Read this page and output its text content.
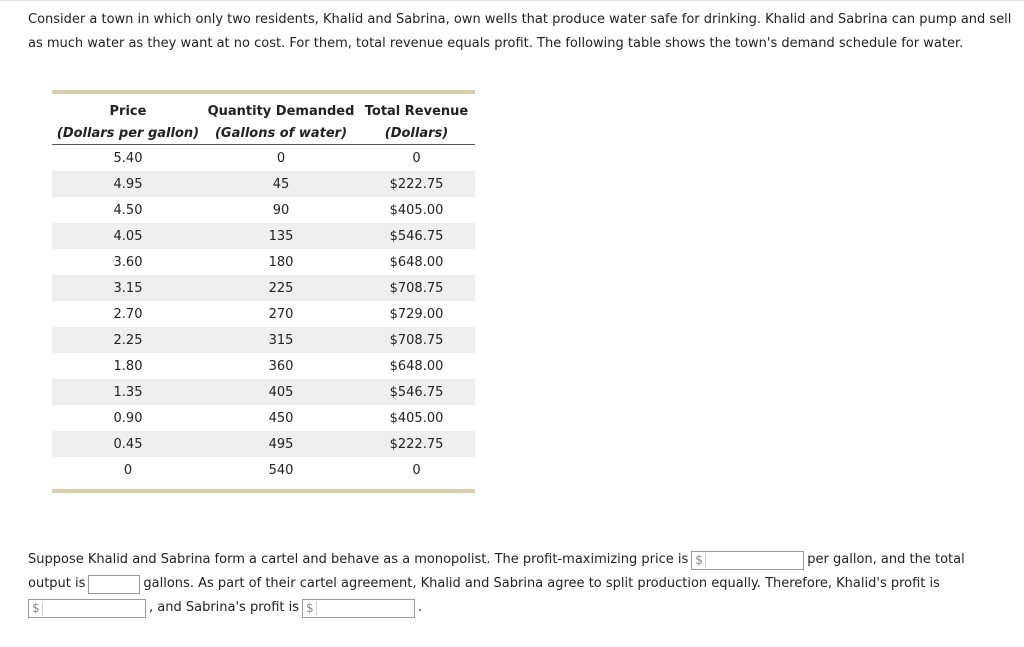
Consider a town in which only two residents, Khalid and Sabrina, own wells that produce water safe for drinking. Khalid and Sabrina can pump and sell
as much water as they want at no cost. For them, total revenue equals profit. The following table shows the town's demand schedule for water.

Price	Quantity Demanded	Total Revenue
(Dollars per gallon)	(Gallons of water)	(Dollars)
5.40	0	0
4.95	45	$222.75
4.50	90	$405.00
4.05	135	$546.75
3.60	180	$648.00
3.15	225	$708.75
2.70	270	$729.00
2.25	315	$708.75
1.80	360	$648.00
1.35	405	$546.75
0.90	450	$405.00
0.45	495	$222.75
0	540	0
Suppose Khalid and Sabrina form a cartel and behave as a monopolist. The profit-maximizing price is $	per gallon, and the total
output is	gallons. As part of their cartel agreement, Khalid and Sabrina agree to split production equally. Therefore, Khalid's profit is
$	, and Sabrina's profit is $	.
